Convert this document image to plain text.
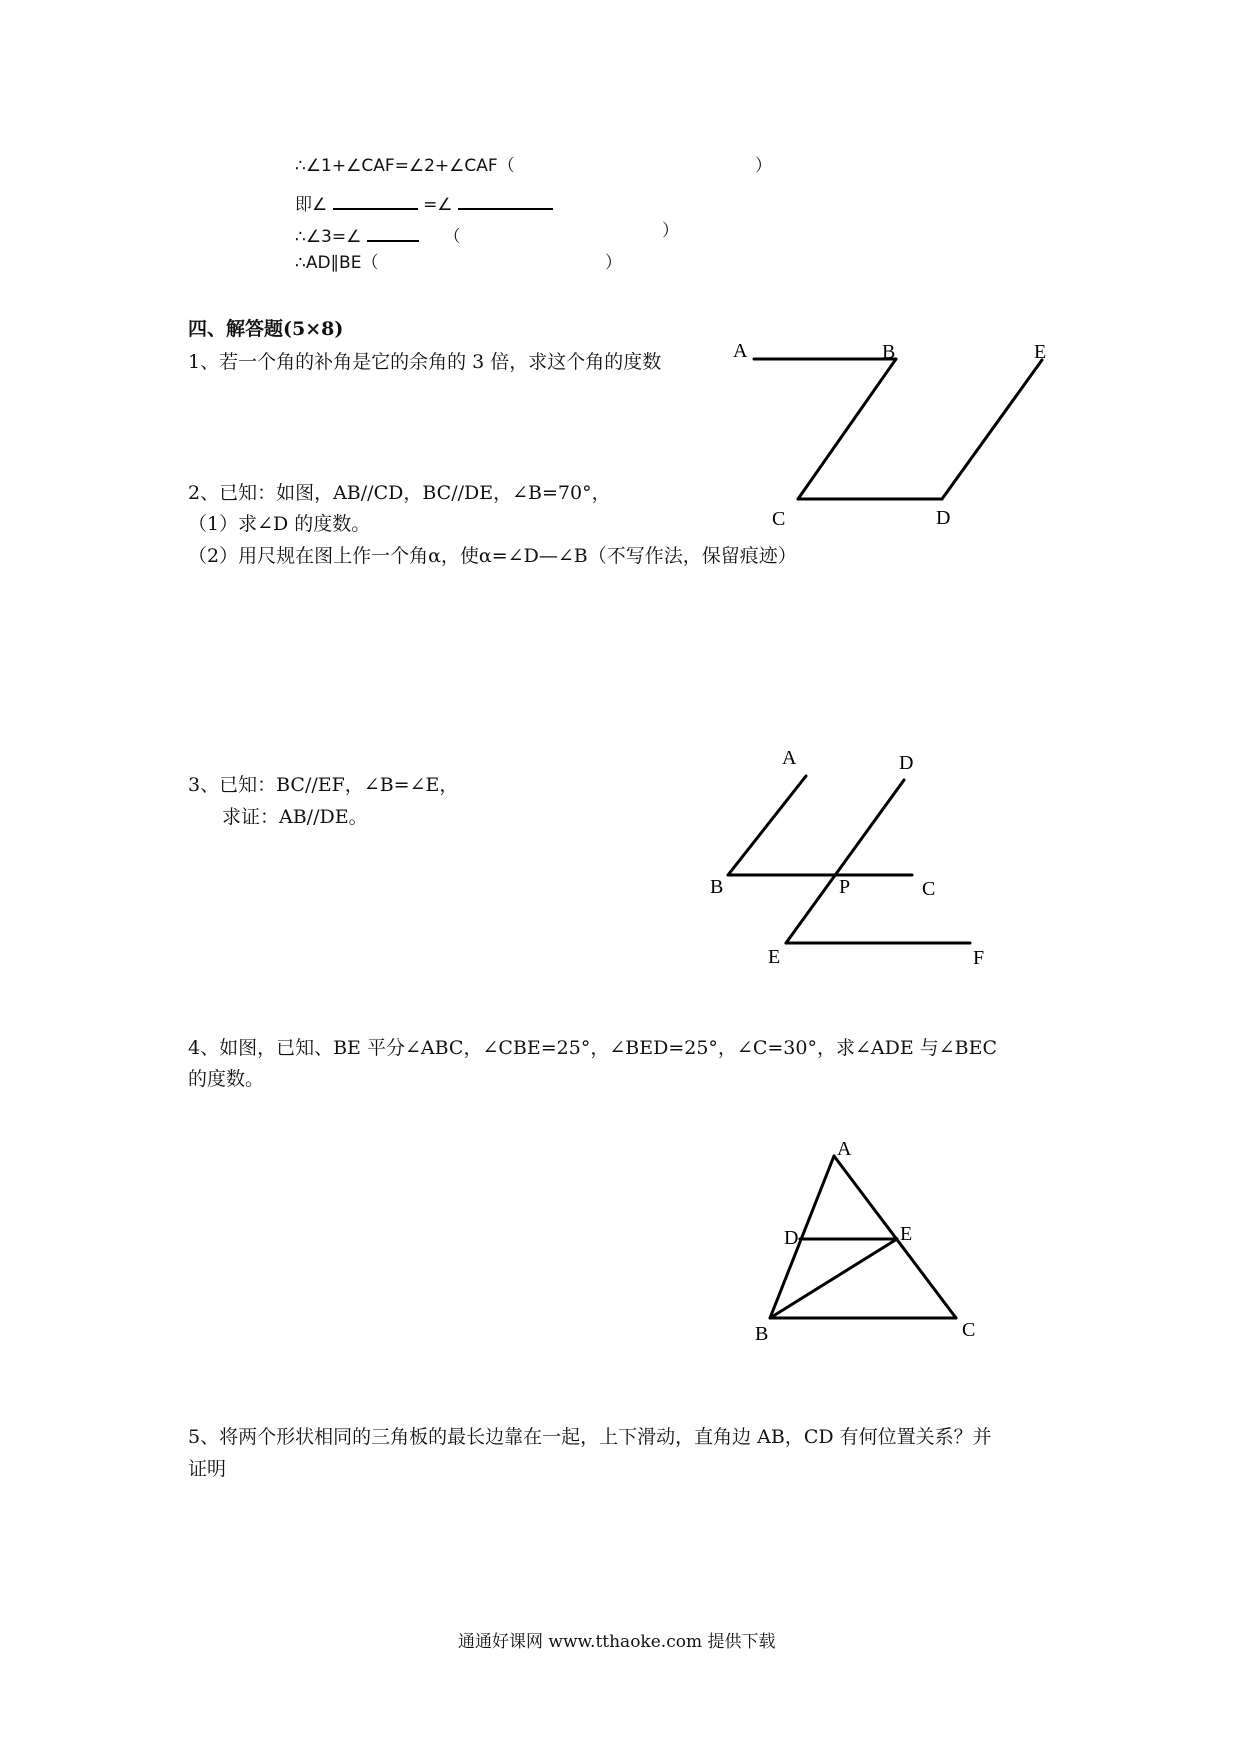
∴∠1+∠CAF=∠2+∠CAF（	）
即∠	=∠
∴∠3=∠	（	）
∴AD∥BE（	）
四、解答题(5×8)
1、若一个角的补角是它的余角的 3 倍，求这个角的度数
2、已知：如图，AB//CD，BC//DE，∠B=70°，
（1）求∠D 的度数。
（2）用尺规在图上作一个角α，使α=∠D—∠B（不写作法，保留痕迹）
3、已知：BC//EF，∠B=∠E，
求证：AB//DE。
4、如图，已知、BE 平分∠ABC，∠CBE=25°，∠BED=25°，∠C=30°，求∠ADE 与∠BEC
的度数。
5、将两个形状相同的三角板的最长边靠在一起，上下滑动，直角边 AB，CD 有何位置关系？并
证明
A	B	E
C	D
A	D
B	P	C
E	F
A
D	E
B	C
通通好课网 www.tthaoke.com 提供下载
